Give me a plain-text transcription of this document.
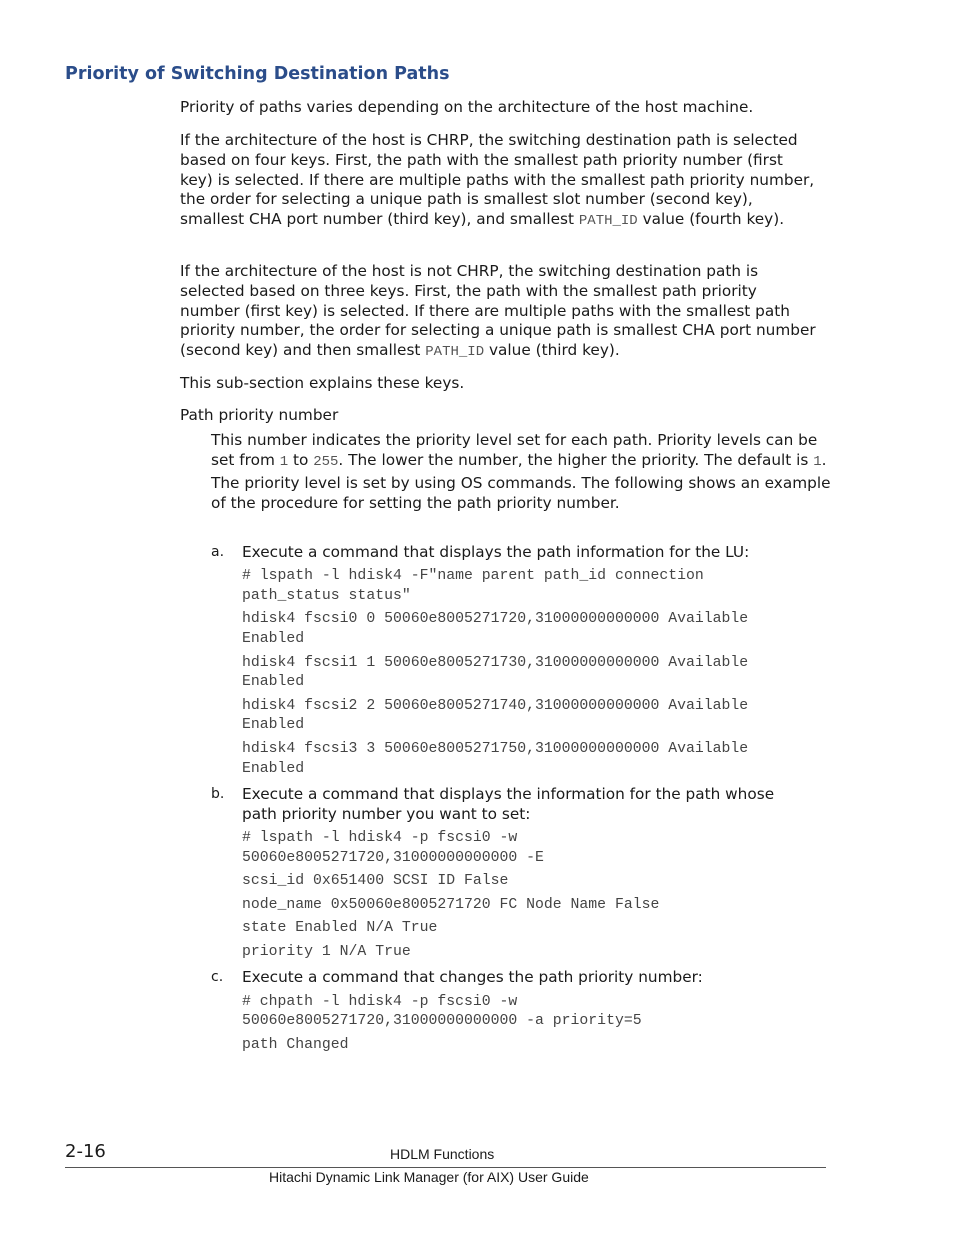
Priority of Switching Destination Paths

Priority of paths varies depending on the architecture of the host machine.

If the architecture of the host is CHRP, the switching destination path is selected based on four keys. First, the path with the smallest path priority number (first key) is selected. If there are multiple paths with the smallest path priority number, the order for selecting a unique path is smallest slot number (second key), smallest CHA port number (third key), and smallest PATH_ID value (fourth key).

If the architecture of the host is not CHRP, the switching destination path is selected based on three keys. First, the path with the smallest path priority number (first key) is selected. If there are multiple paths with the smallest path priority number, the order for selecting a unique path is smallest CHA port number (second key) and then smallest PATH_ID value (third key).

This sub-section explains these keys.

Path priority number

This number indicates the priority level set for each path. Priority levels can be set from 1 to 255. The lower the number, the higher the priority. The default is 1. The priority level is set by using OS commands. The following shows an example of the procedure for setting the path priority number.

a. Execute a command that displays the path information for the LU:

# lspath -l hdisk4 -F"name parent path_id connection

path_status status"

hdisk4 fscsi0 0 50060e8005271720,31000000000000 Available

Enabled

hdisk4 fscsi1 1 50060e8005271730,31000000000000 Available

Enabled

hdisk4 fscsi2 2 50060e8005271740,31000000000000 Available

Enabled

hdisk4 fscsi3 3 50060e8005271750,31000000000000 Available

Enabled

b. Execute a command that displays the information for the path whose

path priority number you want to set:

# lspath -l hdisk4 -p fscsi0 -w

50060e8005271720,31000000000000 -E

scsi_id 0x651400 SCSI ID False

node_name 0x50060e8005271720 FC Node Name False

state Enabled N/A True

priority 1 N/A True

c. Execute a command that changes the path priority number:

# chpath -l hdisk4 -p fscsi0 -w

50060e8005271720,31000000000000 -a priority=5

path Changed

2-16	HDLM Functions

Hitachi Dynamic Link Manager (for AIX) User Guide
